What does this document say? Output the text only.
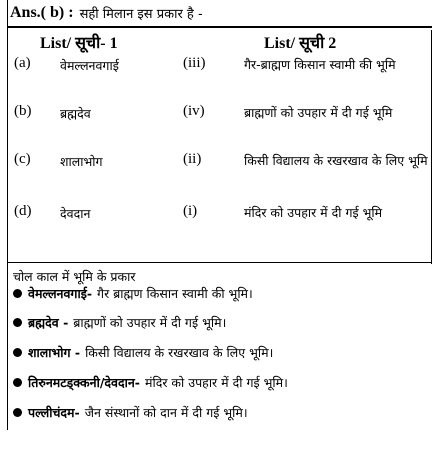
Ans.( b) : सही मिलान इस प्रकार है -
List/ सूची- 1	List/ सूची 2
(a) वेमल्लनवगाई	(iii)	गैर-ब्राह्मण किसान स्वामी की भूमि
(b) ब्रह्मदेव	(iv)	ब्राह्मणों को उपहार में दी गई भूमि
(c) शालाभोग	(ii)	किसी विद्यालय के रखरखाव के लिए भूमि
(d) देवदान	(i)	मंदिर को उपहार में दी गई भूमि
चोल काल में भूमि के प्रकार
वेमल्लनवगाई- गैर ब्राह्मण किसान स्वामी की भूमि।
ब्रह्मदेव - ब्राह्मणों को उपहार में दी गई भूमि।
शालाभोग - किसी विद्यालय के रखरखाव के लिए भूमि।
तिरुनमटड्क्कनी/देवदान- मंदिर को उपहार में दी गई भूमि।
पल्लीचंदम- जैन संस्थानों को दान में दी गई भूमि।
